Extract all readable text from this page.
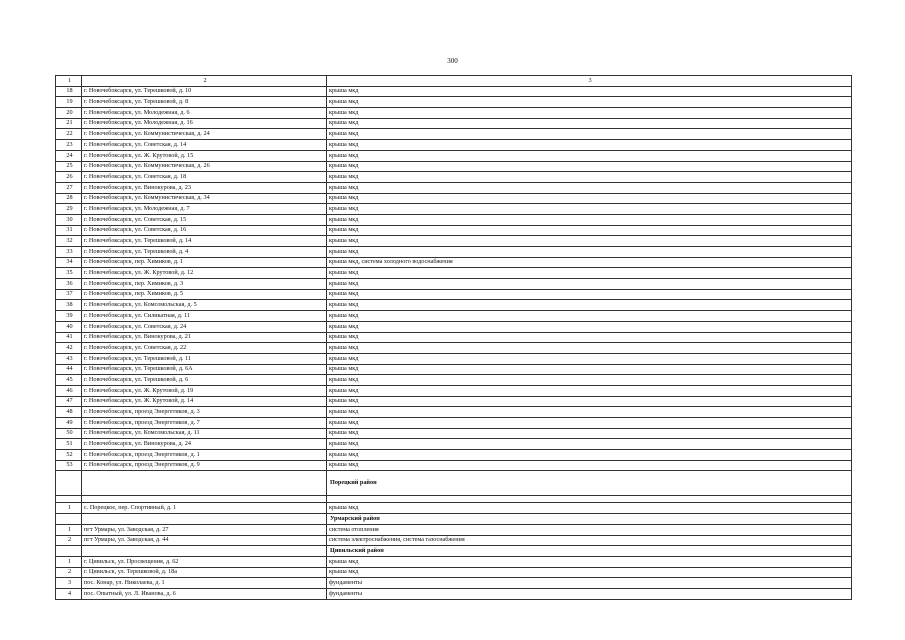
300
1	2	3
18	г. Новочебоксарск, ул. Терешковой, д. 10	крыша мкд
19	г. Новочебоксарск, ул. Терешковой, д. 8	крыша мкд
20	г. Новочебоксарск, ул. Молодежная, д. 6	крыша мкд
21	г. Новочебоксарск, ул. Молодежная, д. 16	крыша мкд
22	г. Новочебоксарск, ул. Коммунистическая, д. 24	крыша мкд
23	г. Новочебоксарск, ул. Советская, д. 14	крыша мкд
24	г. Новочебоксарск, ул. Ж. Крутовой, д. 15	крыша мкд
25	г. Новочебоксарск, ул. Коммунистическая, д. 26	крыша мкд
26	г. Новочебоксарск, ул. Советская, д. 18	крыша мкд
27	г. Новочебоксарск, ул. Винокурова, д. 23	крыша мкд
28	г. Новочебоксарск, ул. Коммунистическая, д. 34	крыша мкд
29	г. Новочебоксарск, ул. Молодежная, д. 7	крыша мкд
30	г. Новочебоксарск, ул. Советская, д. 15	крыша мкд
31	г. Новочебоксарск, ул. Советская, д. 16	крыша мкд
32	г. Новочебоксарск, ул. Терешковой, д. 14	крыша мкд
33	г. Новочебоксарск, ул. Терешковой, д. 4	крыша мкд
34	г. Новочебоксарск, пер. Химиков, д. 1	крыша мкд, система холодного водоснабжения
35	г. Новочебоксарск, ул. Ж. Крутовой, д. 12	крыша мкд
36	г. Новочебоксарск, пер. Химиков, д. 3	крыша мкд
37	г. Новочебоксарск, пер. Химиков, д. 5	крыша мкд
38	г. Новочебоксарск, ул. Комсомольская, д. 5	крыша мкд
39	г. Новочебоксарск, ул. Силикатная, д. 11	крыша мкд
40	г. Новочебоксарск, ул. Советская, д. 24	крыша мкд
41	г. Новочебоксарск, ул. Винокурова, д. 21	крыша мкд
42	г. Новочебоксарск, ул. Советская, д. 22	крыша мкд
43	г. Новочебоксарск, ул. Терешковой, д. 11	крыша мкд
44	г. Новочебоксарск, ул. Терешковой, д. 6А	крыша мкд
45	г. Новочебоксарск, ул. Терешковой, д. 6	крыша мкд
46	г. Новочебоксарск, ул. Ж. Крутовой, д. 19	крыша мкд
47	г. Новочебоксарск, ул. Ж. Крутовой, д. 14	крыша мкд
48	г. Новочебоксарск, проезд Энергетиков, д. 3	крыша мкд
49	г. Новочебоксарск, проезд Энергетиков, д. 7	крыша мкд
50	г. Новочебоксарск, ул. Комсомольская, д. 11	крыша мкд
51	г. Новочебоксарск, ул. Винокурова, д. 24	крыша мкд
52	г. Новочебоксарск, проезд Энергетиков, д. 1	крыша мкд
53	г. Новочебоксарск, проезд Энергетиков, д. 9	крыша мкд
		Порецкий район

1	с. Порецкое, пер. Спортивный, д. 1	крыша мкд
		Урмарский район
1	пгт Урмары, ул. Заводская, д. 27	система отопления
2	пгт Урмары, ул. Заводская, д. 44	система электроснабжения, система газоснабжения
		Цивильский район
1	г. Цивильск, ул. Просвещения, д. 62	крыша мкд
2	г. Цивильск, ул. Терешковой, д. 18а	крыша мкд
3	пос. Конар, ул. Николаева, д. 1	фундаменты
4	пос. Опытный, ул. Л. Иванова, д. 6	фундаменты
